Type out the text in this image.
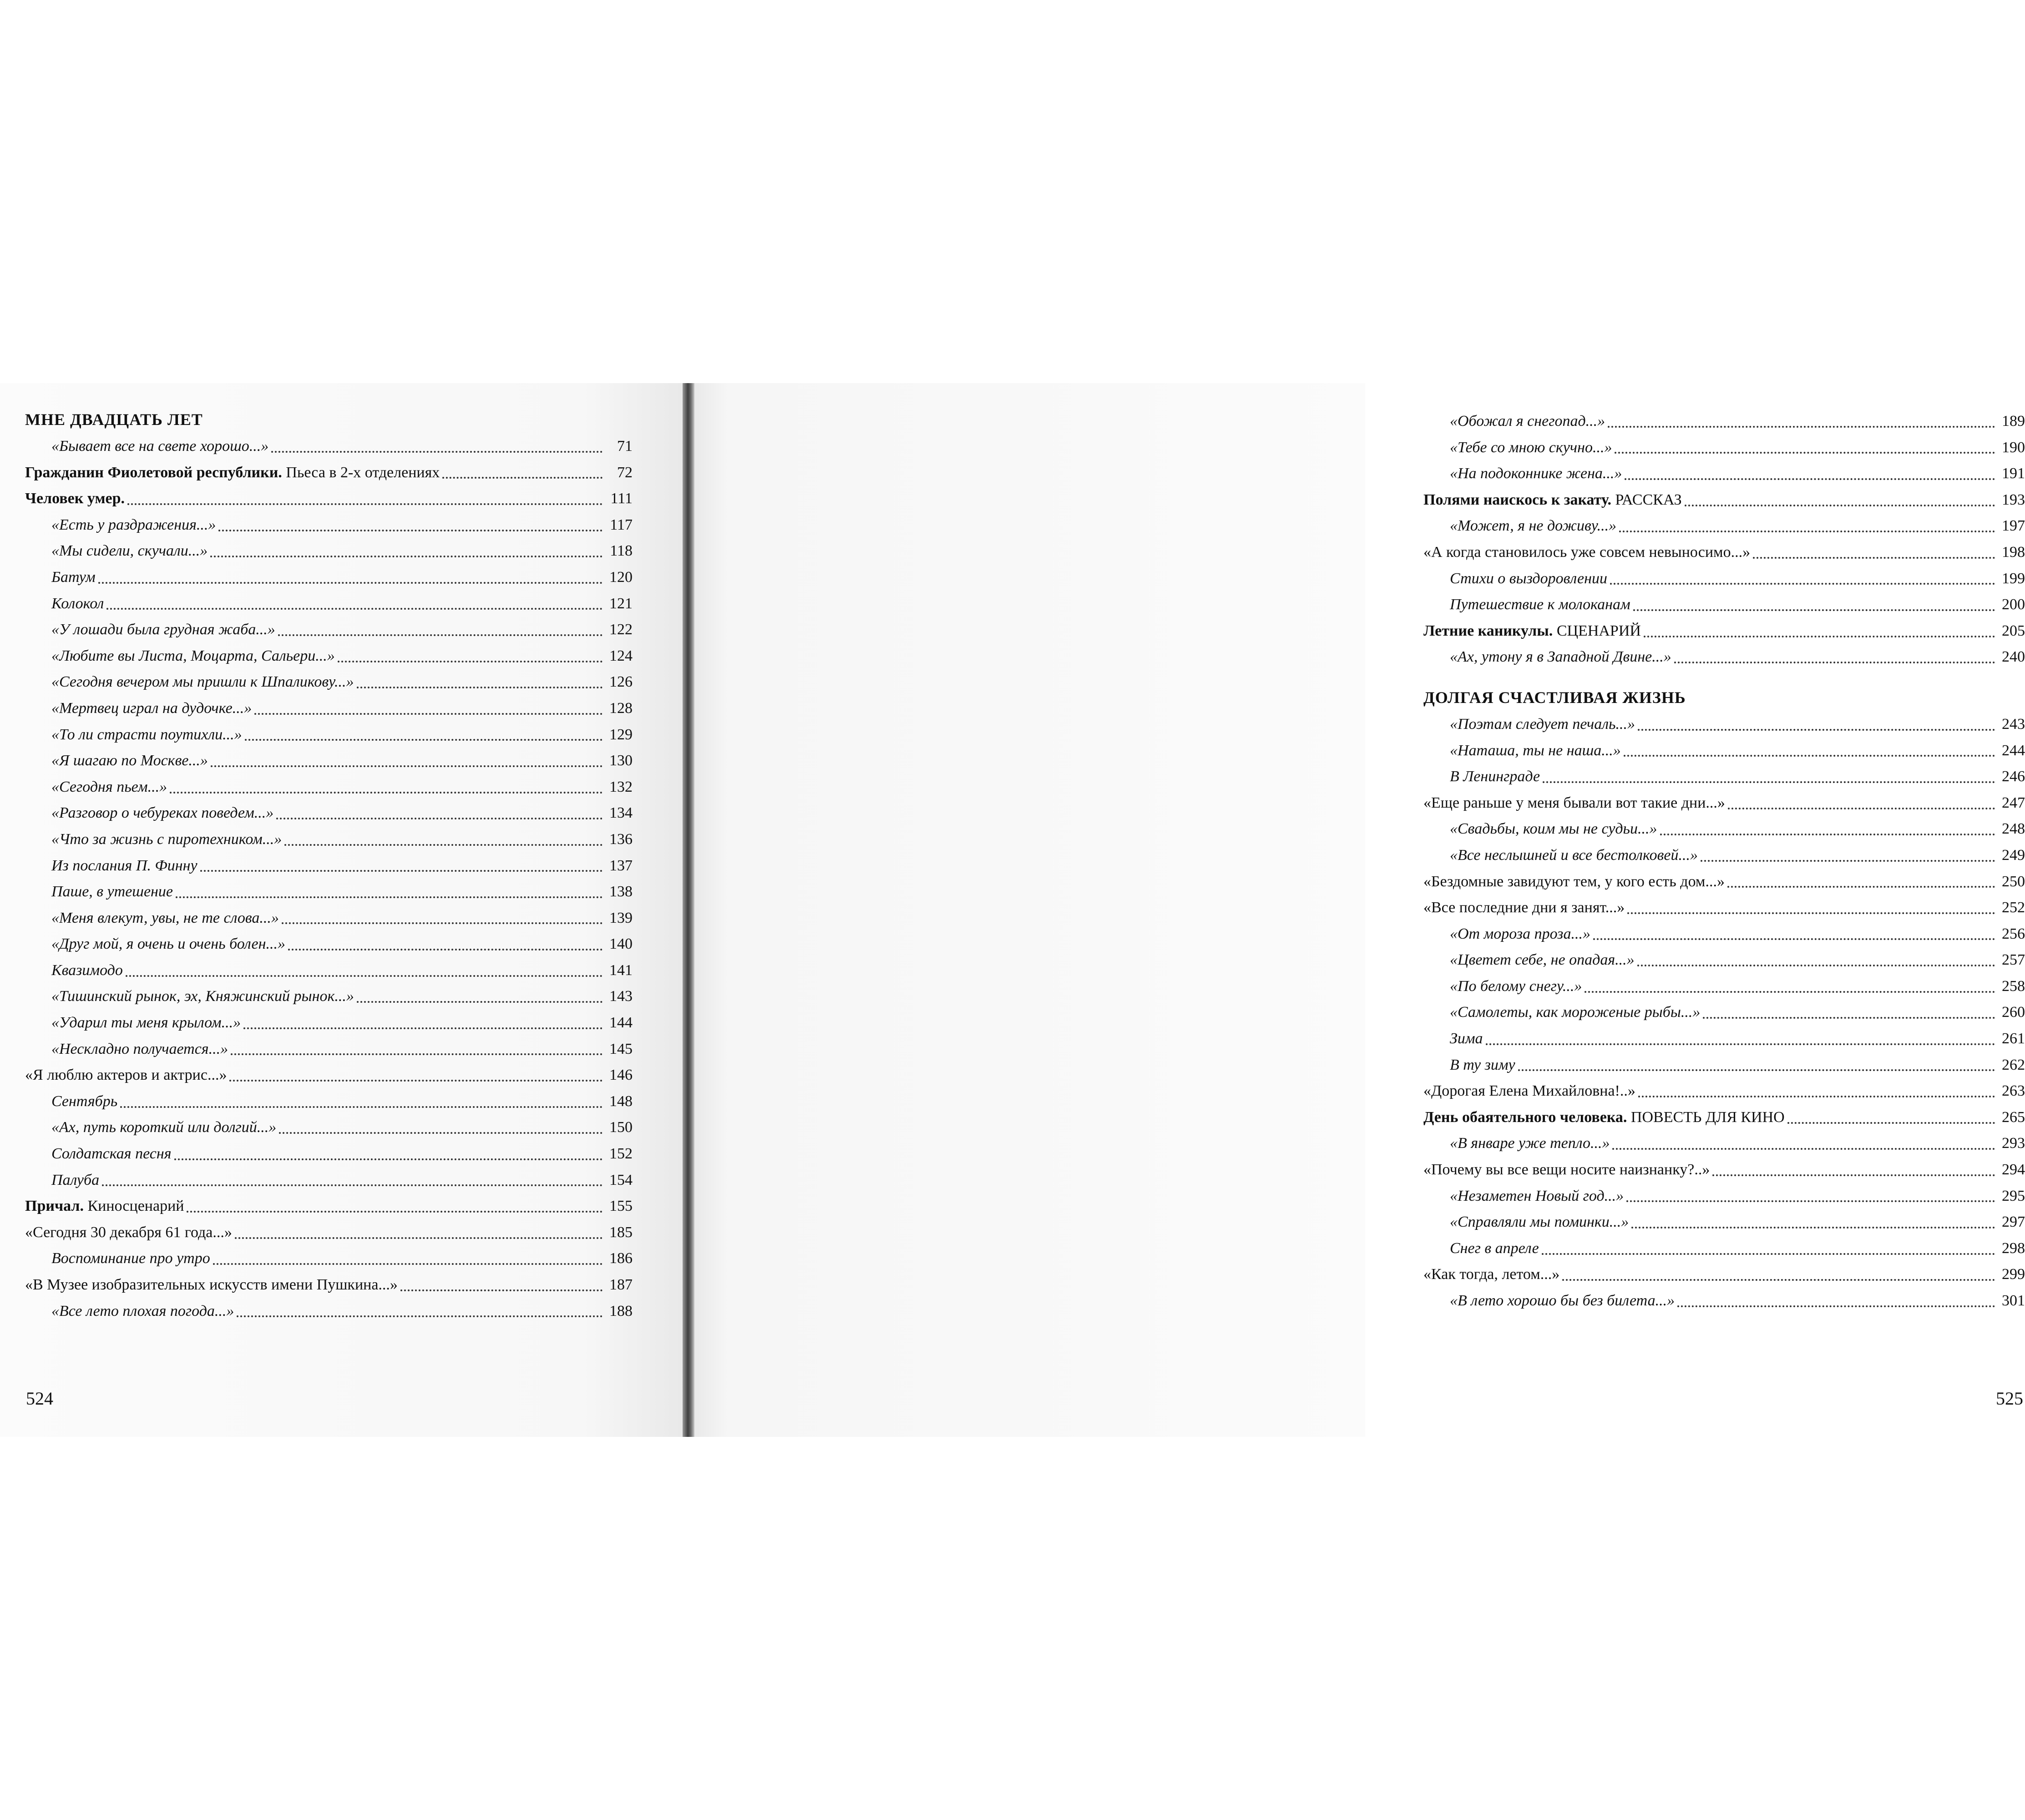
МНЕ ДВАДЦАТЬ ЛЕТ
«Бывает все на свете хорошо...»	71
Гражданин Фиолетовой республики. Пьеса в 2-х отделениях	72
Человек умер.	111
«Есть у раздражения...»	117
«Мы сидели, скучали...»	118
Батум	120
Колокол	121
«У лошади была грудная жаба...»	122
«Любите вы Листа, Моцарта, Сальери...»	124
«Сегодня вечером мы пришли к Шпаликову...»	126
«Мертвец играл на дудочке...»	128
«То ли страсти поутихли...»	129
«Я шагаю по Москве...»	130
«Сегодня пьем...»	132
«Разговор о чебуреках поведем...»	134
«Что за жизнь с пиротехником...»	136
Из послания П. Финну	137
Паше, в утешение	138
«Меня влекут, увы, не те слова...»	139
«Друг мой, я очень и очень болен...»	140
Квазимодо	141
«Тишинский рынок, эх, Княжинский рынок...»	143
«Ударил ты меня крылом...»	144
«Нескладно получается...»	145
«Я люблю актеров и актрис...»	146
Сентябрь	148
«Ах, путь короткий или долгий...»	150
Солдатская песня	152
Палуба	154
Причал. Киносценарий	155
«Сегодня 30 декабря 61 года...»	185
Воспоминание про утро	186
«В Музее изобразительных искусств имени Пушкина...»	187
«Все лето плохая погода...»	188
524
«Обожал я снегопад...»	189
«Тебе со мною скучно...»	190
«На подоконнике жена...»	191
Полями наискось к закату. РАССКАЗ	193
«Может, я не доживу...»	197
«А когда становилось уже совсем невыносимо...»	198
Стихи о выздоровлении	199
Путешествие к молоканам	200
Летние каникулы. СЦЕНАРИЙ	205
«Ах, утону я в Западной Двине...»	240
ДОЛГАЯ СЧАСТЛИВАЯ ЖИЗНЬ
«Поэтам следует печаль...»	243
«Наташа, ты не наша...»	244
В Ленинграде	246
«Еще раньше у меня бывали вот такие дни...»	247
«Свадьбы, коим мы не судьи...»	248
«Все неслышней и все бестолковей...»	249
«Бездомные завидуют тем, у кого есть дом...»	250
«Все последние дни я занят...»	252
«От мороза проза...»	256
«Цветет себе, не опадая...»	257
«По белому снегу...»	258
«Самолеты, как мороженые рыбы...»	260
Зима	261
В ту зиму	262
«Дорогая Елена Михайловна!..»	263
День обаятельного человека. ПОВЕСТЬ ДЛЯ КИНО	265
«В январе уже тепло...»	293
«Почему вы все вещи носите наизнанку?..»	294
«Незаметен Новый год...»	295
«Справляли мы поминки...»	297
Снег в апреле	298
«Как тогда, летом...»	299
«В лето хорошо бы без билета...»	301
525
